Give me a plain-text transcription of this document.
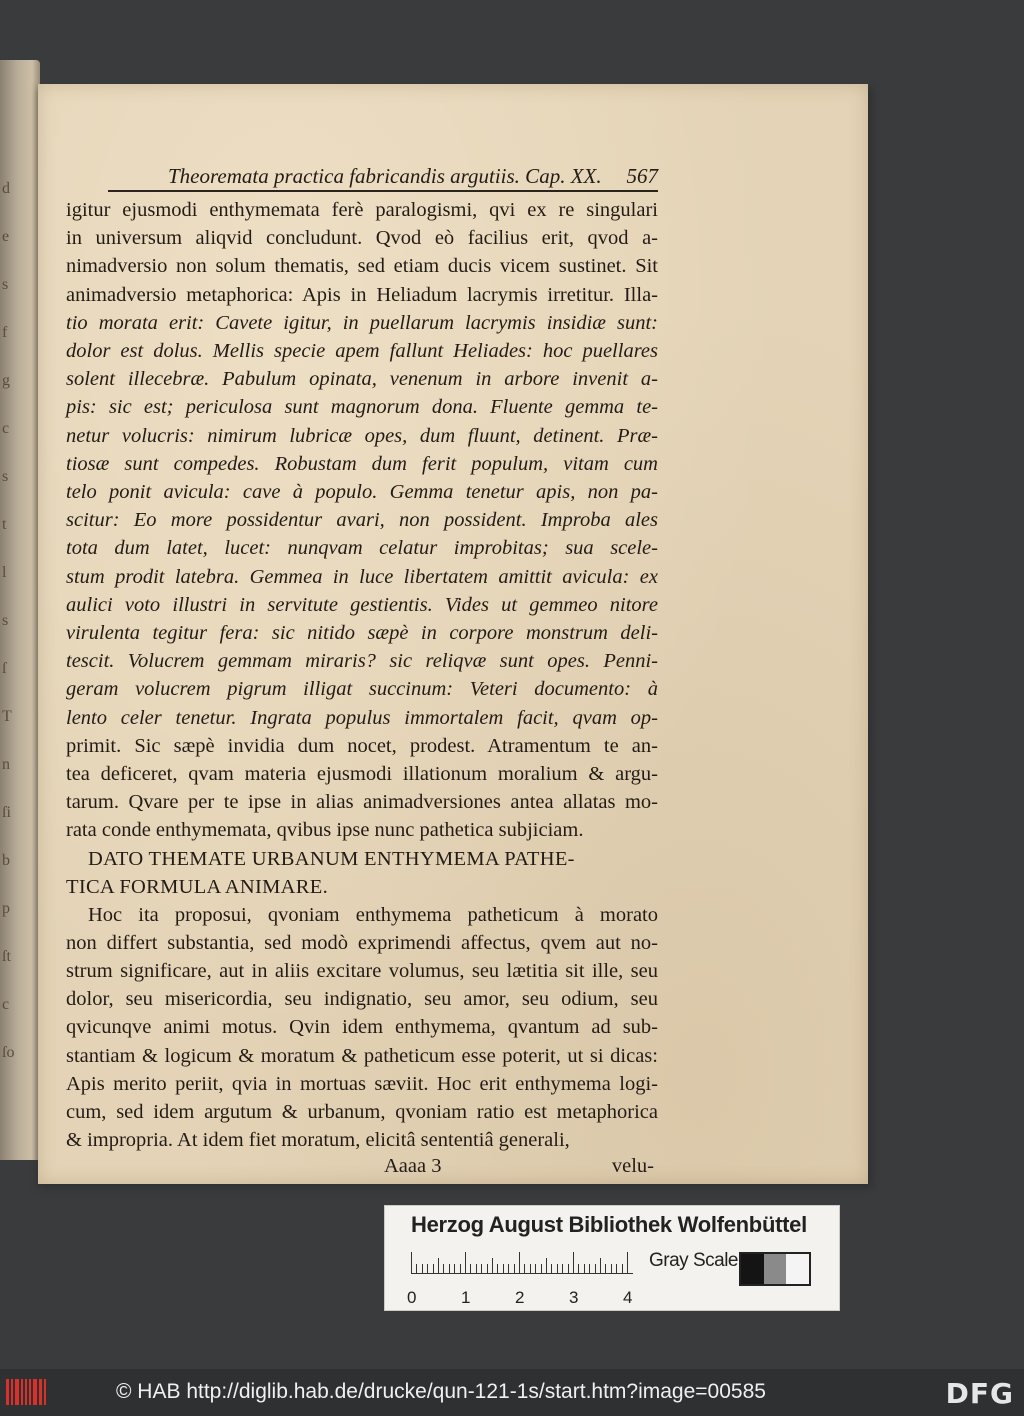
d
e
s
f
g
c
s
t
l
s
ſ
T
n
ſi
b
p
ſt
c
ſo
Theoremata practica fabricandis argutiis. Cap. XX. 567
igitur ejusmodi enthymemata ferè paralogismi, qvi ex re singulari
in universum aliqvid concludunt. Qvod eò facilius erit, qvod a-
nimadversio non solum thematis, sed etiam ducis vicem sustinet. Sit
animadversio metaphorica: Apis in Heliadum lacrymis irretitur. Illa-
tio morata erit: Cavete igitur, in puellarum lacrymis insidiæ sunt:
dolor est dolus. Mellis specie apem fallunt Heliades: hoc puellares
solent illecebræ. Pabulum opinata, venenum in arbore invenit a-
pis: sic est; periculosa sunt magnorum dona. Fluente gemma te-
netur volucris: nimirum lubricæ opes, dum fluunt, detinent. Præ-
tiosæ sunt compedes. Robustam dum ferit populum, vitam cum
telo ponit avicula: cave à populo. Gemma tenetur apis, non pa-
scitur: Eo more possidentur avari, non possident. Improba ales
tota dum latet, lucet: nunqvam celatur improbitas; sua scele-
stum prodit latebra. Gemmea in luce libertatem amittit avicula: ex
aulici voto illustri in servitute gestientis. Vides ut gemmeo nitore
virulenta tegitur fera: sic nitido sæpè in corpore monstrum deli-
tescit. Volucrem gemmam miraris? sic reliqvæ sunt opes. Penni-
geram volucrem pigrum illigat succinum: Veteri documento: à
lento celer tenetur. Ingrata populus immortalem facit, qvam op-
primit. Sic sæpè invidia dum nocet, prodest. Atramentum te an-
tea deficeret, qvam materia ejusmodi illationum moralium & argu-
tarum. Qvare per te ipse in alias animadversiones antea allatas mo-
rata conde enthymemata, qvibus ipse nunc pathetica subjiciam.
DATO THEMATE URBANUM ENTHYMEMA PATHE-
TICA FORMULA ANIMARE.
Hoc ita proposui, qvoniam enthymema patheticum à morato
non differt substantia, sed modò exprimendi affectus, qvem aut no-
strum significare, aut in aliis excitare volumus, seu lætitia sit ille, seu
dolor, seu misericordia, seu indignatio, seu amor, seu odium, seu
qvicunqve animi motus. Qvin idem enthymema, qvantum ad sub-
stantiam & logicum & moratum & patheticum esse poterit, ut si dicas:
Apis merito periit, qvia in mortuas sæviit. Hoc erit enthymema logi-
cum, sed idem argutum & urbanum, qvoniam ratio est metaphorica
& impropria. At idem fiet moratum, elicitâ sententiâ generali,
Aaaa 3	velu-
Herzog August Bibliothek Wolfenbüttel
0	1	2	3	4
Gray Scale
© HAB http://diglib.hab.de/drucke/qun-121-1s/start.htm?image=00585	DFG
